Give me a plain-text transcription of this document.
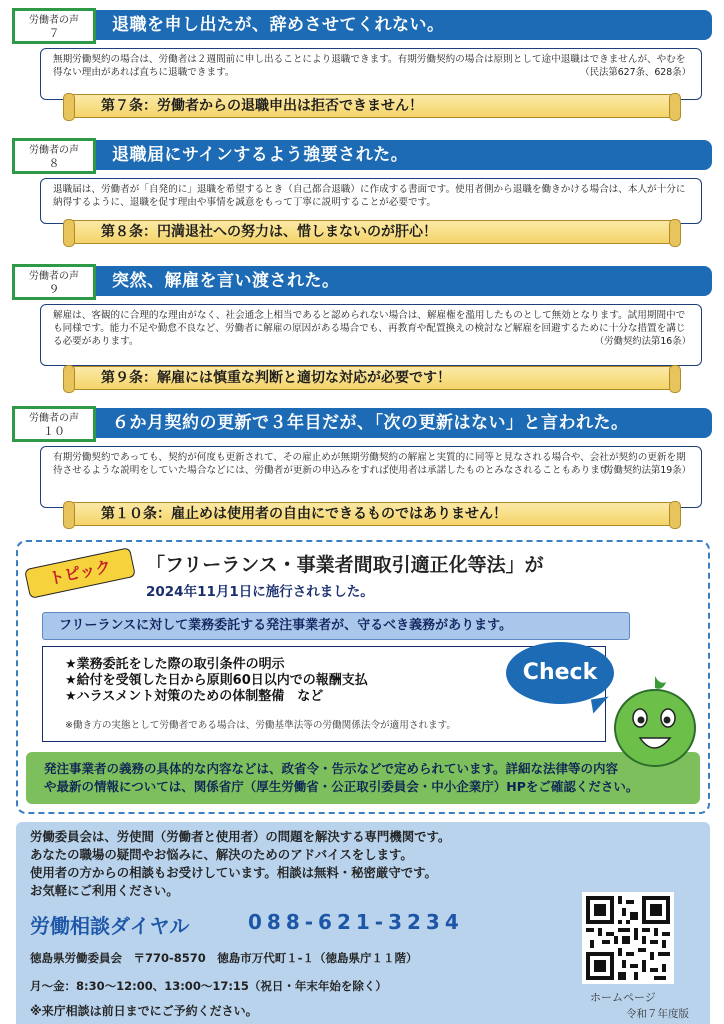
労働者の声
７	退職を申し出たが、辞めさせてくれない。
無期労働契約の場合は、労働者は２週間前に申し出ることにより退職できます。有期労働契約の場合は原則として途中退職はできませんが、やむを得ない理由があれば直ちに退職できます。	（民法第627条、628条）
第７条：労働者からの退職申出は拒否できません！
労働者の声
８	退職届にサインするよう強要された。
退職届は、労働者が「自発的に」退職を希望するとき（自己都合退職）に作成する書面です。使用者側から退職を働きかける場合は、本人が十分に納得するように、退職を促す理由や事情を誠意をもって丁寧に説明することが必要です。
第８条：円満退社への努力は、惜しまないのが肝心！
労働者の声
９	突然、解雇を言い渡された。
解雇は、客観的に合理的な理由がなく、社会通念上相当であると認められない場合は、解雇権を濫用したものとして無効となります。試用期間中でも同様です。能力不足や勤怠不良など、労働者に解雇の原因がある場合でも、再教育や配置換えの検討など解雇を回避するために十分な措置を講じる必要があります。	（労働契約法第16条）
第９条：解雇には慎重な判断と適切な対応が必要です！
労働者の声
１０	６か月契約の更新で３年目だが、「次の更新はない」と言われた。
有期労働契約であっても、契約が何度も更新されて、その雇止めが無期労働契約の解雇と実質的に同等と見なされる場合や、会社が契約の更新を期待させるような説明をしていた場合などには、労働者が更新の申込みをすれば使用者は承諾したものとみなされることもあります。
（労働契約法第19条）
第１０条：雇止めは使用者の自由にできるものではありません！
トピック	「フリーランス・事業者間取引適正化等法」が
2024年11月1日に施行されました。
フリーランスに対して業務委託する発注事業者が、守るべき義務があります。
★業務委託をした際の取引条件の明示
★給付を受領した日から原則60日以内での報酬支払
★ハラスメント対策のための体制整備　など
※働き方の実態として労働者である場合は、労働基準法等の労働関係法令が適用されます。
Check
発注事業者の義務の具体的な内容などは、政省令・告示などで定められています。詳細な法律等の内容
や最新の情報については、関係省庁（厚生労働省・公正取引委員会・中小企業庁）HPをご確認ください。
労働委員会は、労使間（労働者と使用者）の問題を解決する専門機関です。
あなたの職場の疑問やお悩みに、解決のためのアドバイスをします。
使用者の方からの相談もお受けしています。相談は無料・秘密厳守です。
お気軽にご利用ください。
労働相談ダイヤル	088-621-3234
徳島県労働委員会　〒770-8570　徳島市万代町１-１（徳島県庁１１階）
月～金：8:30～12:00、13:00～17:15（祝日・年末年始を除く）
※来庁相談は前日までにご予約ください。
ホームページ
令和７年度版
